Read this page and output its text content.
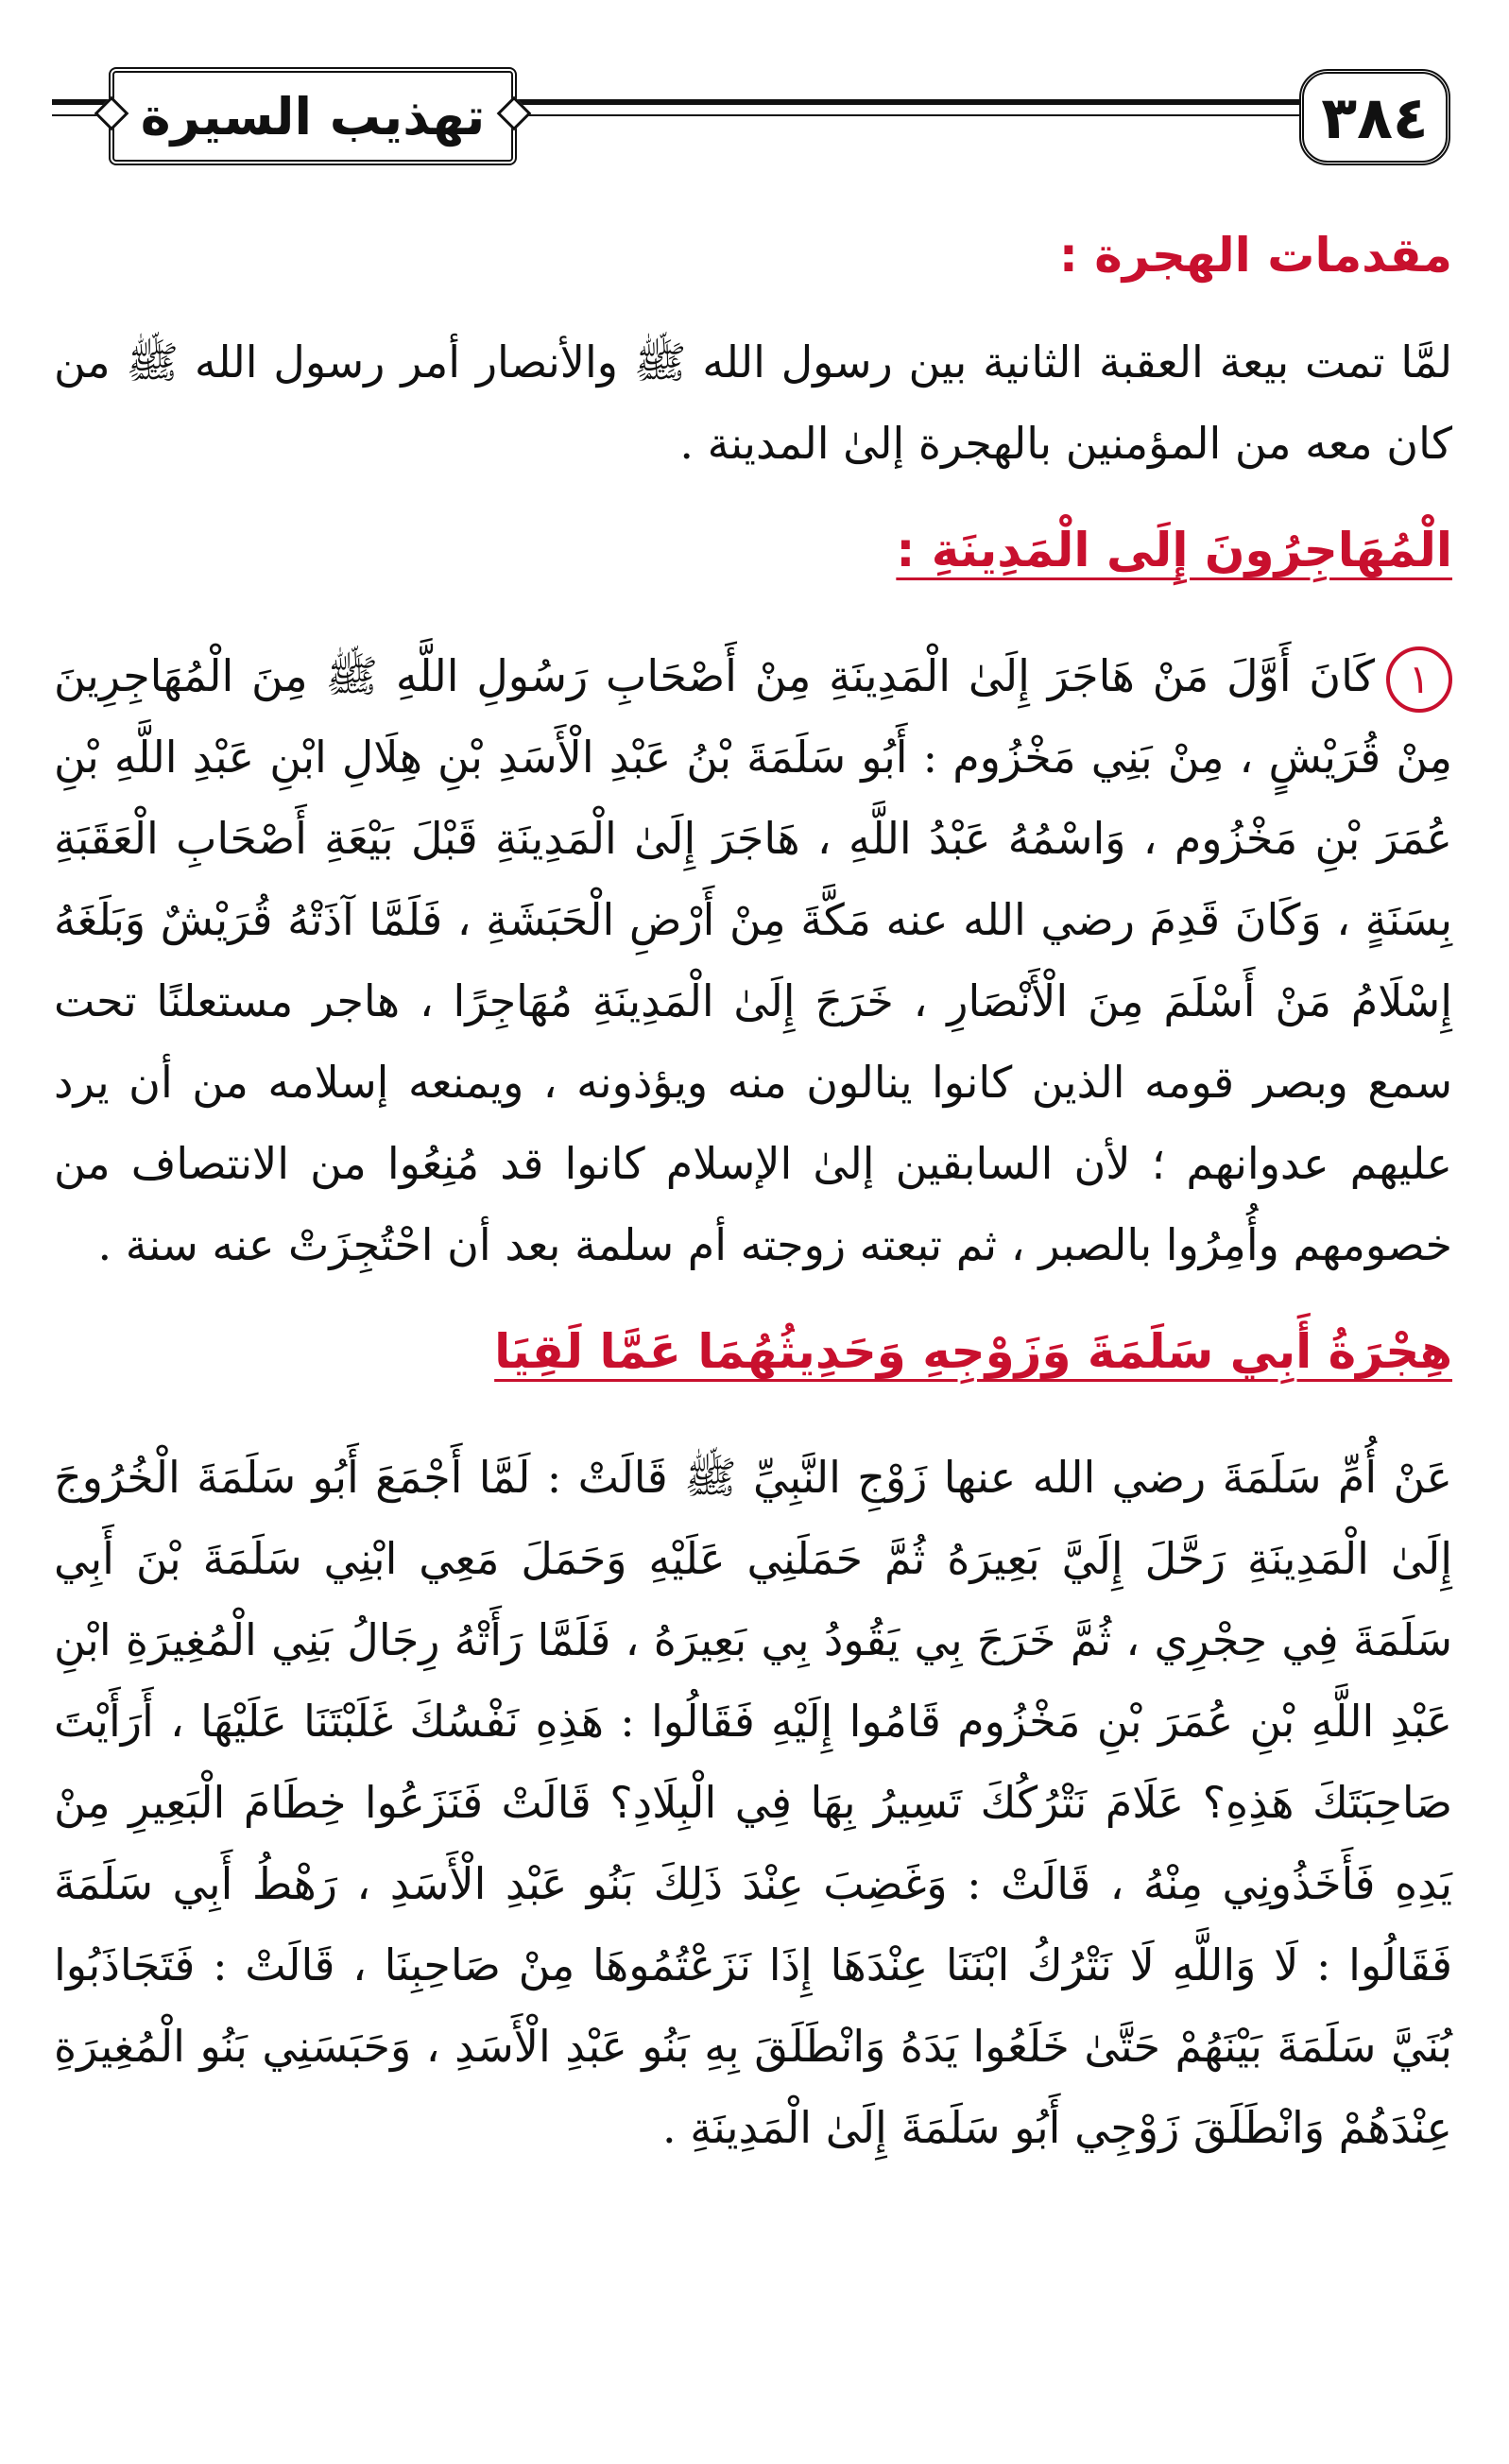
تهذيب السيرة	٣٨٤
مقدمات الهجرة :

لمَّا تمت بيعة العقبة الثانية بين رسول الله ﷺ والأنصار أمر رسول الله ﷺ من كان معه من المؤمنين بالهجرة إلىٰ المدينة .

الْمُهَاجِرُونَ إِلَى الْمَدِينَةِ :

١كَانَ أَوَّلَ مَنْ هَاجَرَ إِلَىٰ الْمَدِينَةِ مِنْ أَصْحَابِ رَسُولِ اللَّهِ ﷺ مِنَ الْمُهَاجِرِينَ مِنْ قُرَيْشٍ ، مِنْ بَنِي مَخْزُوم : أَبُو سَلَمَةَ بْنُ عَبْدِ الْأَسَدِ بْنِ هِلَالِ ابْنِ عَبْدِ اللَّهِ بْنِ عُمَرَ بْنِ مَخْزُوم ، وَاسْمُهُ عَبْدُ اللَّهِ ، هَاجَرَ إِلَىٰ الْمَدِينَةِ قَبْلَ بَيْعَةِ أَصْحَابِ الْعَقَبَةِ بِسَنَةٍ ، وَكَانَ قَدِمَ رضي الله عنه مَكَّةَ مِنْ أَرْضِ الْحَبَشَةِ ، فَلَمَّا آذَتْهُ قُرَيْشٌ وَبَلَغَهُ إِسْلَامُ مَنْ أَسْلَمَ مِنَ الْأَنْصَارِ ، خَرَجَ إِلَىٰ الْمَدِينَةِ مُهَاجِرًا ، هاجر مستعلنًا تحت سمع وبصر قومه الذين كانوا ينالون منه ويؤذونه ، ويمنعه إسلامه من أن يرد عليهم عدوانهم ؛ لأن السابقين إلىٰ الإسلام كانوا قد مُنِعُوا من الانتصاف من خصومهم وأُمِرُوا بالصبر ، ثم تبعته زوجته أم سلمة بعد أن احْتُجِزَتْ عنه سنة .

هِجْرَةُ أَبِي سَلَمَةَ وَزَوْجِهِ وَحَدِيثُهُمَا عَمَّا لَقِيَا

عَنْ أُمِّ سَلَمَةَ رضي الله عنها زَوْجِ النَّبِيِّ ﷺ قَالَتْ : لَمَّا أَجْمَعَ أَبُو سَلَمَةَ الْخُرُوجَ إِلَىٰ الْمَدِينَةِ رَحَّلَ إِلَيَّ بَعِيرَهُ ثُمَّ حَمَلَنِي عَلَيْهِ وَحَمَلَ مَعِي ابْنِي سَلَمَةَ بْنَ أَبِي سَلَمَةَ فِي حِجْرِي ، ثُمَّ خَرَجَ بِي يَقُودُ بِي بَعِيرَهُ ، فَلَمَّا رَأَتْهُ رِجَالُ بَنِي الْمُغِيرَةِ ابْنِ عَبْدِ اللَّهِ بْنِ عُمَرَ بْنِ مَخْزُوم قَامُوا إِلَيْهِ فَقَالُوا : هَذِهِ نَفْسُكَ غَلَبْتَنَا عَلَيْهَا ، أَرَأَيْتَ صَاحِبَتَكَ هَذِهِ؟ عَلَامَ نَتْرُكُكَ تَسِيرُ بِهَا فِي الْبِلَادِ؟ قَالَتْ فَنَزَعُوا خِطَامَ الْبَعِيرِ مِنْ يَدِهِ فَأَخَذُونِي مِنْهُ ، قَالَتْ : وَغَضِبَ عِنْدَ ذَلِكَ بَنُو عَبْدِ الْأَسَدِ ، رَهْطُ أَبِي سَلَمَةَ فَقَالُوا : لَا وَاللَّهِ لَا نَتْرُكُ ابْنَنَا عِنْدَهَا إِذَا نَزَعْتُمُوهَا مِنْ صَاحِبِنَا ، قَالَتْ : فَتَجَاذَبُوا بُنَيَّ سَلَمَةَ بَيْنَهُمْ حَتَّىٰ خَلَعُوا يَدَهُ وَانْطَلَقَ بِهِ بَنُو عَبْدِ الْأَسَدِ ، وَحَبَسَنِي بَنُو الْمُغِيرَةِ عِنْدَهُمْ وَانْطَلَقَ زَوْجِي أَبُو سَلَمَةَ إِلَىٰ الْمَدِينَةِ .
